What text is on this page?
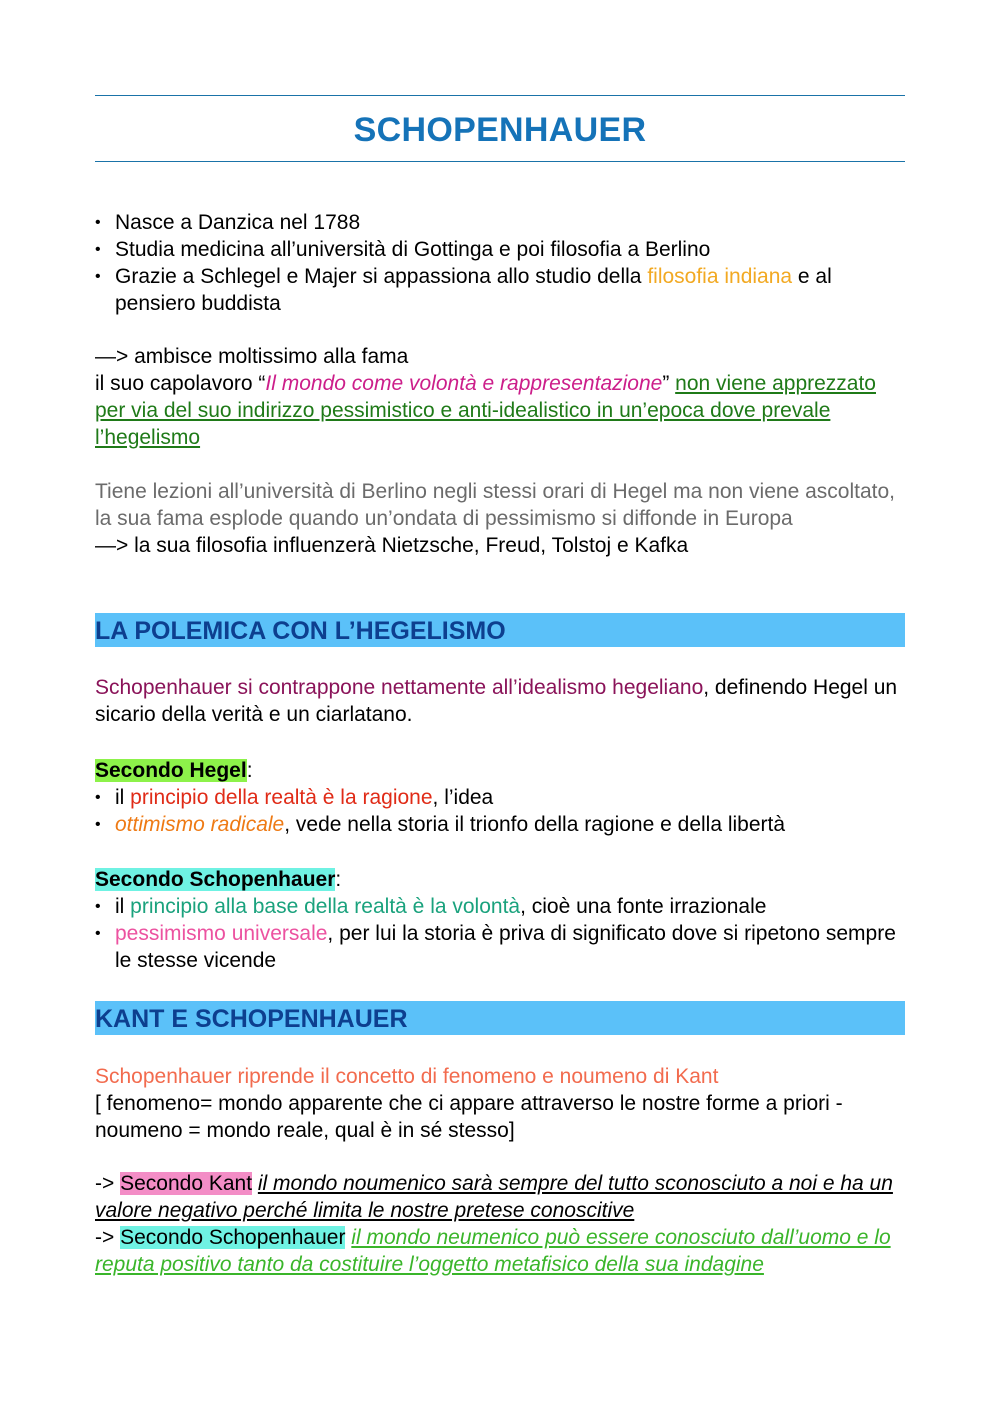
SCHOPENHAUER
• Nasce a Danzica nel 1788
• Studia medicina all’università di Gottinga e poi filosofia a Berlino
• Grazie a Schlegel e Majer si appassiona allo studio della filosofia indiana e al pensiero buddista
—> ambisce moltissimo alla fama
il suo capolavoro “Il mondo come volontà e rappresentazione” non viene apprezzato per via del suo indirizzo pessimistico e anti-idealistico in un’epoca dove prevale l’hegelismo
Tiene lezioni all’università di Berlino negli stessi orari di Hegel ma non viene ascoltato, la sua fama esplode quando un’ondata di pessimismo si diffonde in Europa
—> la sua filosofia influenzerà Nietzsche, Freud, Tolstoj e Kafka
LA POLEMICA CON L’HEGELISMO
Schopenhauer si contrappone nettamente all’idealismo hegeliano, definendo Hegel un sicario della verità e un ciarlatano.
Secondo Hegel:
• il principio della realtà è la ragione, l’idea
• ottimismo radicale, vede nella storia il trionfo della ragione e della libertà
Secondo Schopenhauer:
• il principio alla base della realtà è la volontà, cioè una fonte irrazionale
• pessimismo universale, per lui la storia è priva di significato dove si ripetono sempre le stesse vicende
KANT E SCHOPENHAUER
Schopenhauer riprende il concetto di fenomeno e noumeno di Kant
[ fenomeno= mondo apparente che ci appare attraverso le nostre forme a priori - noumeno = mondo reale, qual è in sé stesso]
-> Secondo Kant il mondo noumenico sarà sempre del tutto sconosciuto a noi e ha un valore negativo perché limita le nostre pretese conoscitive
-> Secondo Schopenhauer il mondo neumenico può essere conosciuto dall’uomo e lo reputa positivo tanto da costituire l’oggetto metafisico della sua indagine
